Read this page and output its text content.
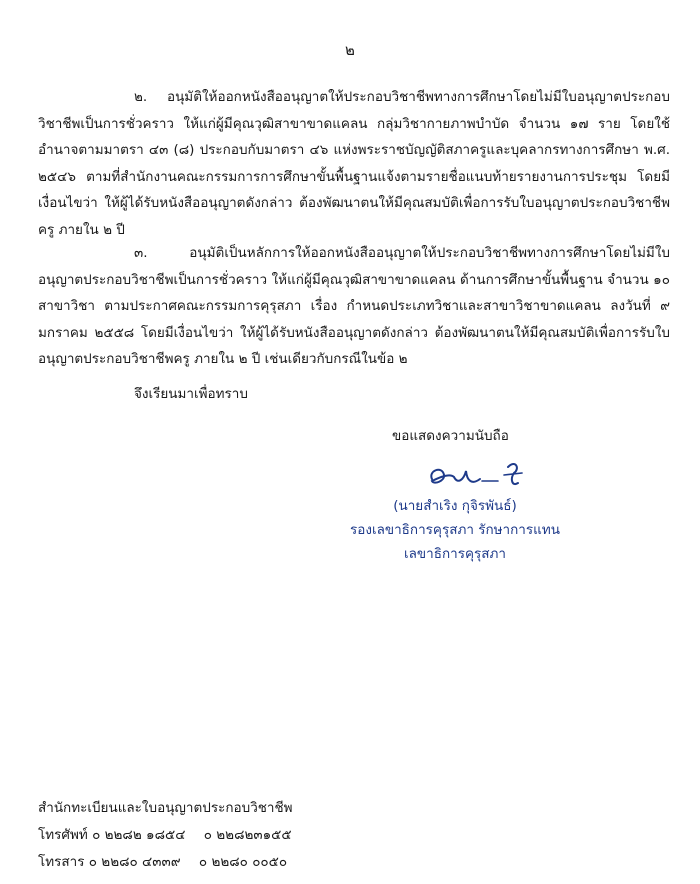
๒

๒. อนุมัติให้ออกหนังสืออนุญาตให้ประกอบวิชาชีพทางการศึกษาโดยไม่มีใบอนุญาตประกอบวิชาชีพเป็นการชั่วคราว ให้แก่ผู้มีคุณวุฒิสาขาขาดแคลน กลุ่มวิชากายภาพบำบัด จำนวน ๑๗ ราย โดยใช้อำนาจตามมาตรา ๔๓ (๘) ประกอบกับมาตรา ๔๖ แห่งพระราชบัญญัติสภาครูและบุคลากรทางการศึกษา พ.ศ. ๒๕๔๖ ตามที่สำนักงานคณะกรรมการการศึกษาขั้นพื้นฐานแจ้งตามรายชื่อแนบท้ายรายงานการประชุม โดยมีเงื่อนไขว่า ให้ผู้ได้รับหนังสืออนุญาตดังกล่าว ต้องพัฒนาตนให้มีคุณสมบัติเพื่อการรับใบอนุญาตประกอบวิชาชีพครู ภายใน ๒ ปี

๓. อนุมัติเป็นหลักการให้ออกหนังสืออนุญาตให้ประกอบวิชาชีพทางการศึกษาโดยไม่มีใบอนุญาตประกอบวิชาชีพเป็นการชั่วคราว ให้แก่ผู้มีคุณวุฒิสาขาขาดแคลน ด้านการศึกษาขั้นพื้นฐาน จำนวน ๑๐ สาขาวิชา ตามประกาศคณะกรรมการคุรุสภา เรื่อง กำหนดประเภทวิชาและสาขาวิชาขาดแคลน ลงวันที่ ๙ มกราคม ๒๕๕๘ โดยมีเงื่อนไขว่า ให้ผู้ได้รับหนังสืออนุญาตดังกล่าว ต้องพัฒนาตนให้มีคุณสมบัติเพื่อการรับใบอนุญาตประกอบวิชาชีพครู ภายใน ๒ ปี เช่นเดียวกับกรณีในข้อ ๒

จึงเรียนมาเพื่อทราบ
ขอแสดงความนับถือ
(นายสำเริง กุจิรพันธ์)
รองเลขาธิการคุรุสภา รักษาการแทน
เลขาธิการคุรุสภา
สำนักทะเบียนและใบอนุญาตประกอบวิชาชีพ
โทรศัพท์ ๐ ๒๒๘๒ ๑๘๕๔ ๐ ๒๒๘๒๓๑๕๕
โทรสาร ๐ ๒๒๘๐ ๔๓๓๙ ๐ ๒๒๘๐ ๐๐๕๐
